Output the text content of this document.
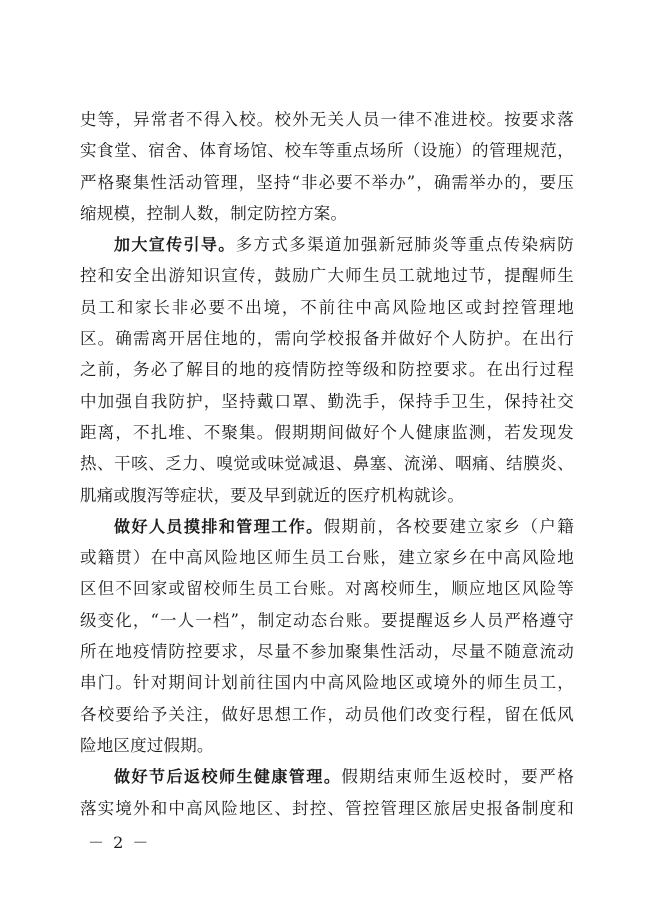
史等，异常者不得入校。校外无关人员一律不准进校。按要求落
实食堂、宿舍、体育场馆、校车等重点场所（设施）的管理规范，
严格聚集性活动管理，坚持“非必要不举办”，确需举办的，要压
缩规模，控制人数，制定防控方案。
加大宣传引导。多方式多渠道加强新冠肺炎等重点传染病防
控和安全出游知识宣传，鼓励广大师生员工就地过节，提醒师生
员工和家长非必要不出境，不前往中高风险地区或封控管理地
区。确需离开居住地的，需向学校报备并做好个人防护。在出行
之前，务必了解目的地的疫情防控等级和防控要求。在出行过程
中加强自我防护，坚持戴口罩、勤洗手，保持手卫生，保持社交
距离，不扎堆、不聚集。假期期间做好个人健康监测，若发现发
热、干咳、乏力、嗅觉或味觉减退、鼻塞、流涕、咽痛、结膜炎、
肌痛或腹泻等症状，要及早到就近的医疗机构就诊。
做好人员摸排和管理工作。假期前，各校要建立家乡（户籍
或籍贯）在中高风险地区师生员工台账，建立家乡在中高风险地
区但不回家或留校师生员工台账。对离校师生，顺应地区风险等
级变化，“一人一档”，制定动态台账。要提醒返乡人员严格遵守
所在地疫情防控要求，尽量不参加聚集性活动，尽量不随意流动
串门。针对期间计划前往国内中高风险地区或境外的师生员工，
各校要给予关注，做好思想工作，动员他们改变行程，留在低风
险地区度过假期。
做好节后返校师生健康管理。假期结束师生返校时，要严格
落实境外和中高风险地区、封控、管控管理区旅居史报备制度和
－ 2 －
